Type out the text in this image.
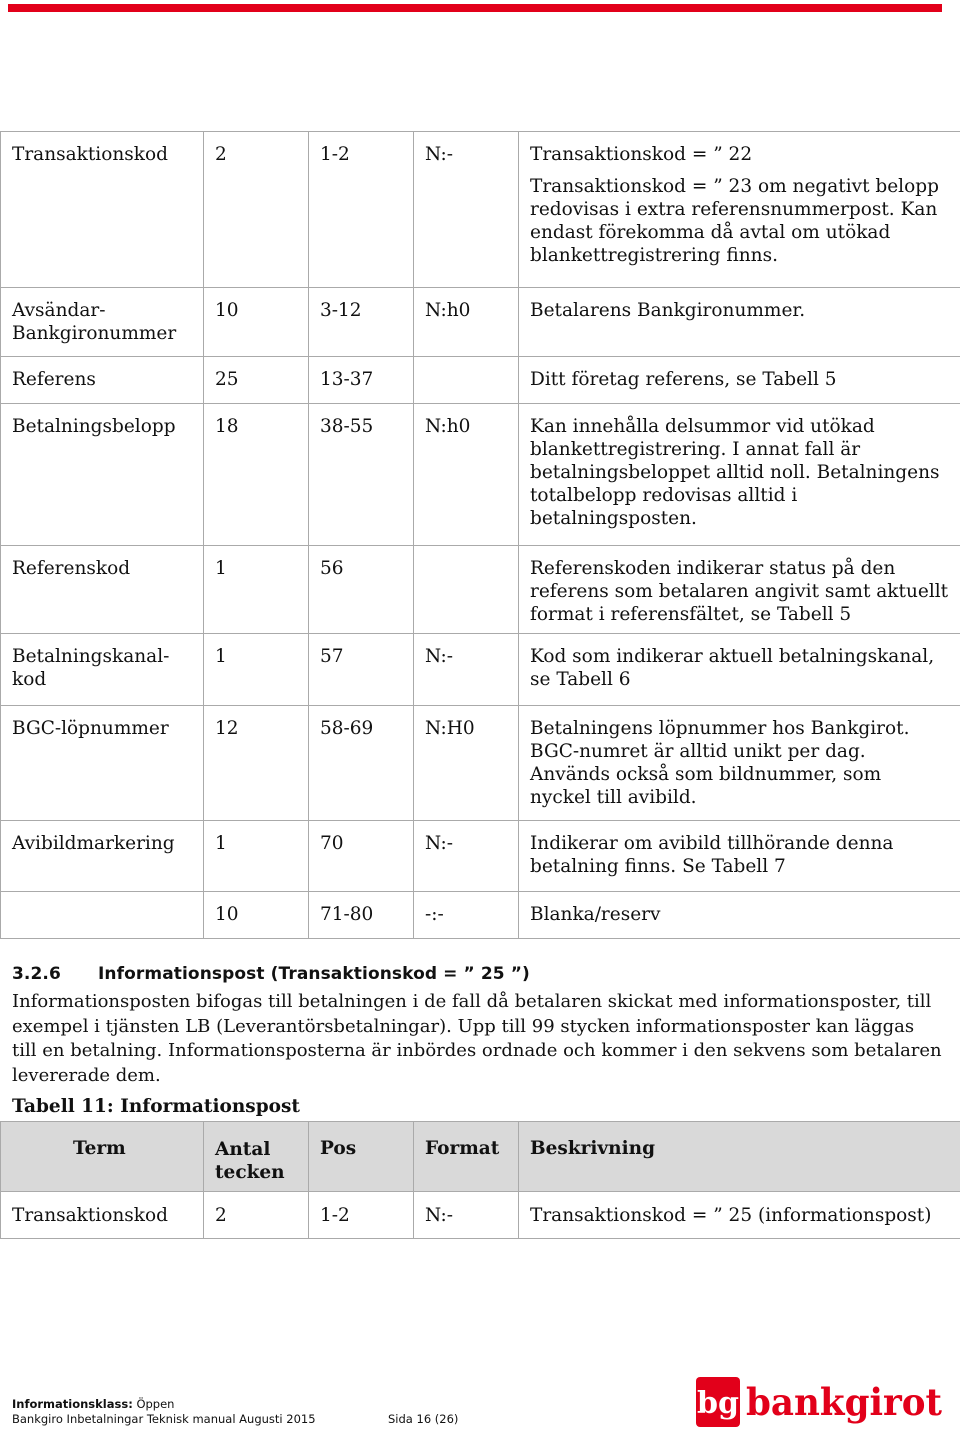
Transaktionskod	2	1-2	N:-	Transaktionskod = ” 22

				Transaktionskod = ” 23 om negativt belopp
redovisas i extra referensnummerpost. Kan
endast förekomma då avtal om utökad
blankettregistrering finns.

Avsändar-
Bankgironummer	10	3-12	N:h0	Betalarens Bankgironummer.

Referens	25	13-37		Ditt företag referens, se Tabell 5

Betalningsbelopp	18	38-55	N:h0	Kan innehålla delsummor vid utökad
blankettregistrering. I annat fall är
betalningsbeloppet alltid noll. Betalningens
totalbelopp redovisas alltid i
betalningsposten.

Referenskod	1	56		Referenskoden indikerar status på den
referens som betalaren angivit samt aktuellt
format i referensfältet, se Tabell 5

Betalningskanal-
kod	1	57	N:-	Kod som indikerar aktuell betalningskanal,
se Tabell 6

BGC-löpnummer	12	58-69	N:H0	Betalningens löpnummer hos Bankgirot.
BGC-numret är alltid unikt per dag.
Används också som bildnummer, som
nyckel till avibild.

Avibildmarkering	1	70	N:-	Indikerar om avibild tillhörande denna
betalning finns. Se Tabell 7

	10	71-80	-:-	Blanka/reserv
3.2.6 Informationspost (Transaktionskod = ” 25 ”)
Informationsposten bifogas till betalningen i de fall då betalaren skickat med informationsposter, till exempel i tjänsten LB (Leverantörsbetalningar). Upp till 99 stycken informationsposter kan läggas till en betalning. Informationsposterna är inbördes ordnade och kommer i den sekvens som betalaren levererade dem.
Tabell 11: Informationspost
Term	Antal
tecken	Pos	Format	Beskrivning
Transaktionskod	2	1-2	N:-	Transaktionskod = ” 25 (informationspost)
Informationsklass: Öppen
Bankgiro Inbetalningar Teknisk manual Augusti 2015	Sida 16 (26)	bg bankgirot
